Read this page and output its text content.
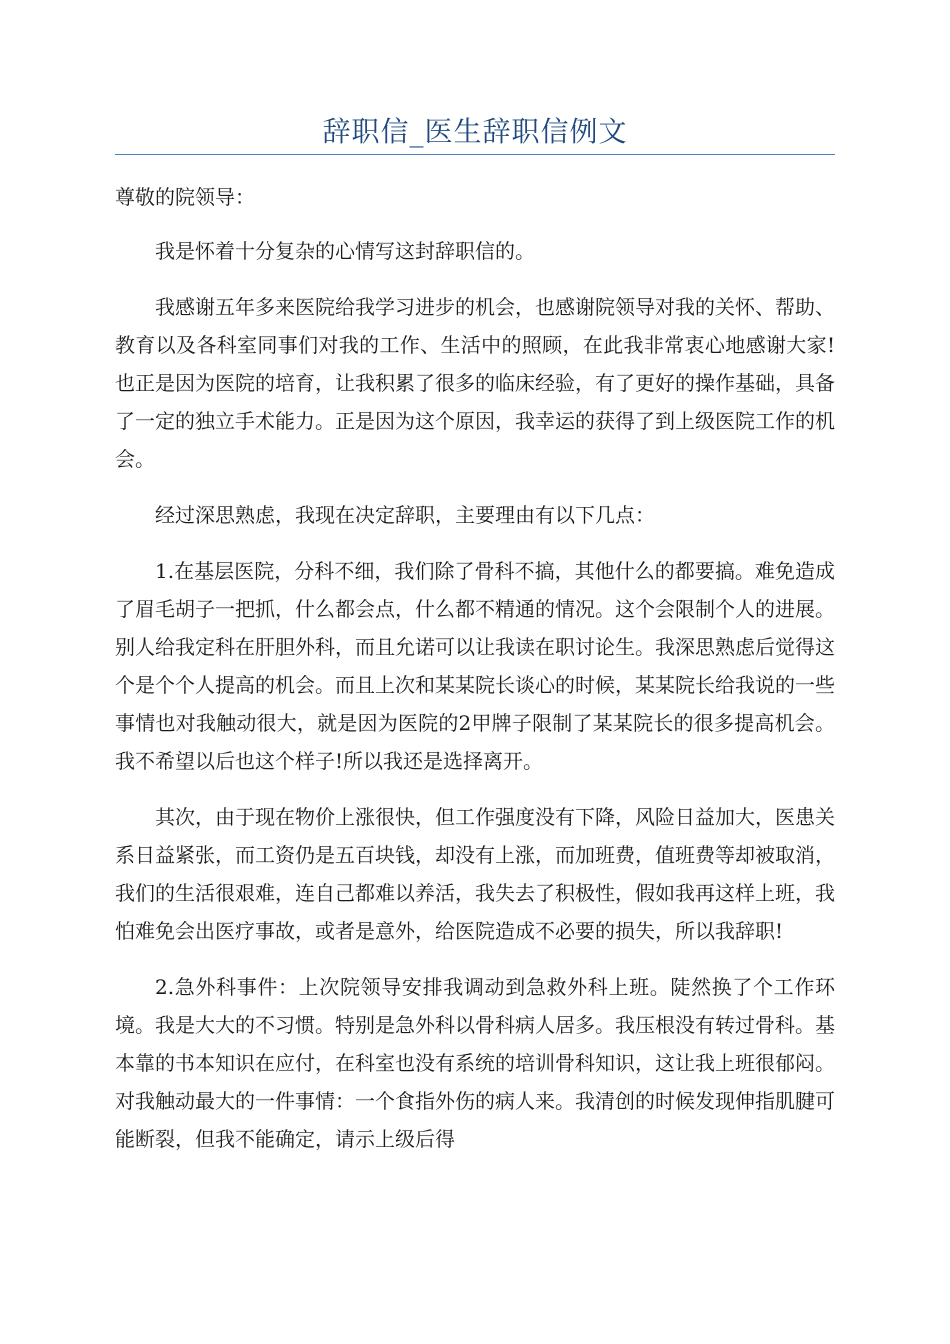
辞职信_医生辞职信例文

尊敬的院领导：

我是怀着十分复杂的心情写这封辞职信的。

我感谢五年多来医院给我学习进步的机会，也感谢院领导对我的关怀、帮助、教育以及各科室同事们对我的工作、生活中的照顾，在此我非常衷心地感谢大家!也正是因为医院的培育，让我积累了很多的临床经验，有了更好的操作基础，具备了一定的独立手术能力。正是因为这个原因，我幸运的获得了到上级医院工作的机会。

经过深思熟虑，我现在决定辞职，主要理由有以下几点：

1.在基层医院，分科不细，我们除了骨科不搞，其他什么的都要搞。难免造成了眉毛胡子一把抓，什么都会点，什么都不精通的情况。这个会限制个人的进展。别人给我定科在肝胆外科，而且允诺可以让我读在职讨论生。我深思熟虑后觉得这个是个个人提高的机会。而且上次和某某院长谈心的时候，某某院长给我说的一些事情也对我触动很大，就是因为医院的2甲牌子限制了某某院长的很多提高机会。我不希望以后也这个样子!所以我还是选择离开。

其次，由于现在物价上涨很快，但工作强度没有下降，风险日益加大，医患关系日益紧张，而工资仍是五百块钱，却没有上涨，而加班费，值班费等却被取消，我们的生活很艰难，连自己都难以养活，我失去了积极性，假如我再这样上班，我怕难免会出医疗事故，或者是意外，给医院造成不必要的损失，所以我辞职!

2.急外科事件：上次院领导安排我调动到急救外科上班。陡然换了个工作环境。我是大大的不习惯。特别是急外科以骨科病人居多。我压根没有转过骨科。基本靠的书本知识在应付，在科室也没有系统的培训骨科知识，这让我上班很郁闷。对我触动最大的一件事情：一个食指外伤的病人来。我清创的时候发现伸指肌腱可能断裂，但我不能确定，请示上级后得
